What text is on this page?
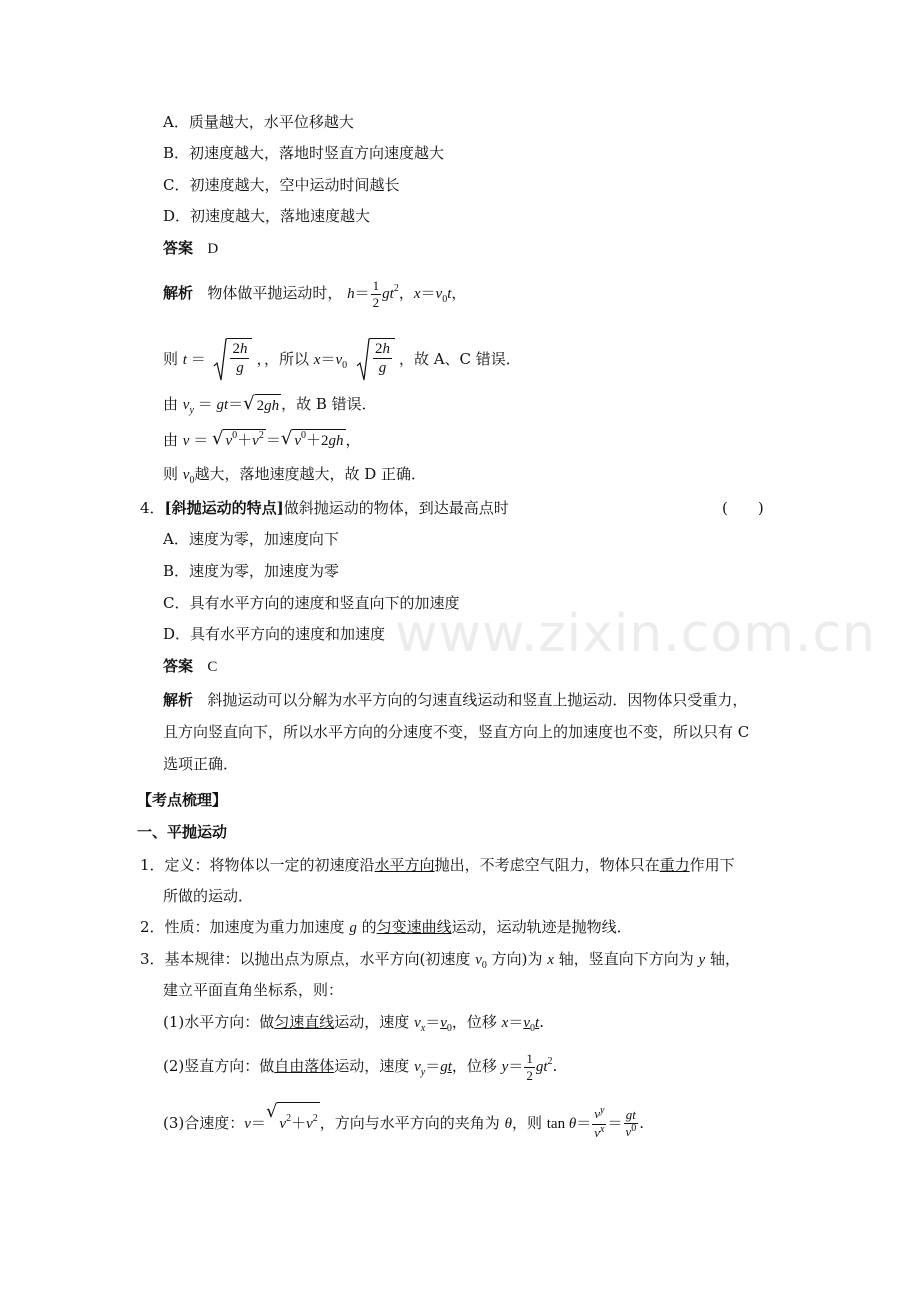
www.zixin.com.cn
A．质量越大，水平位移越大
B．初速度越大，落地时竖直方向速度越大
C．初速度越大，空中运动时间越长
D．初速度越大，落地速度越大
答案 D
解析 物体做平抛运动时， $h= \frac{1}{2} gt^2$，$x=v_0t$，
则 t ＝
2h
g ，，所以 $x=v_0$
2h
g ，故 A、C 错误．
由 $v_y = gt=$ √ 2gh ，故 B 错误．
由 v ＝ √ $v^0+v^2$ ＝ √ $v^0+2gh$ ，
则 $v_0$越大，落地速度越大，故 D 正确．
4．[斜抛运动的特点]做斜抛运动的物体，到达最高点时	(　　)
A．速度为零，加速度向下
B．速度为零，加速度为零
C．具有水平方向的速度和竖直向下的加速度
D．具有水平方向的速度和加速度
答案 C
解析 斜抛运动可以分解为水平方向的匀速直线运动和竖直上抛运动．因物体只受重力，
且方向竖直向下，所以水平方向的分速度不变，竖直方向上的加速度也不变，所以只有 C
选项正确．
【考点梳理】
一、平抛运动
1．定义：将物体以一定的初速度沿水平方向抛出，不考虑空气阻力，物体只在重力作用下
所做的运动．
2．性质：加速度为重力加速度 g 的匀变速曲线运动，运动轨迹是抛物线．
3．基本规律：以抛出点为原点，水平方向(初速度 $v_0$ 方向)为 x 轴，竖直向下方向为 y 轴，
建立平面直角坐标系，则：
(1)水平方向：做匀速直线运动，速度 $v_x=v_0$，位移 $x=v_0t$.
(2)竖直方向：做自由落体运动，速度 $v_y=gt$，位移 $y= \frac{1}{2} gt^2$.
(3)合速度：v＝
√
$v^2+v^2$ ，方向与水平方向的夹角为 θ，则 $\tan \theta= \frac{v^y}{v^x} = \frac{gt}{v^0}$ .
